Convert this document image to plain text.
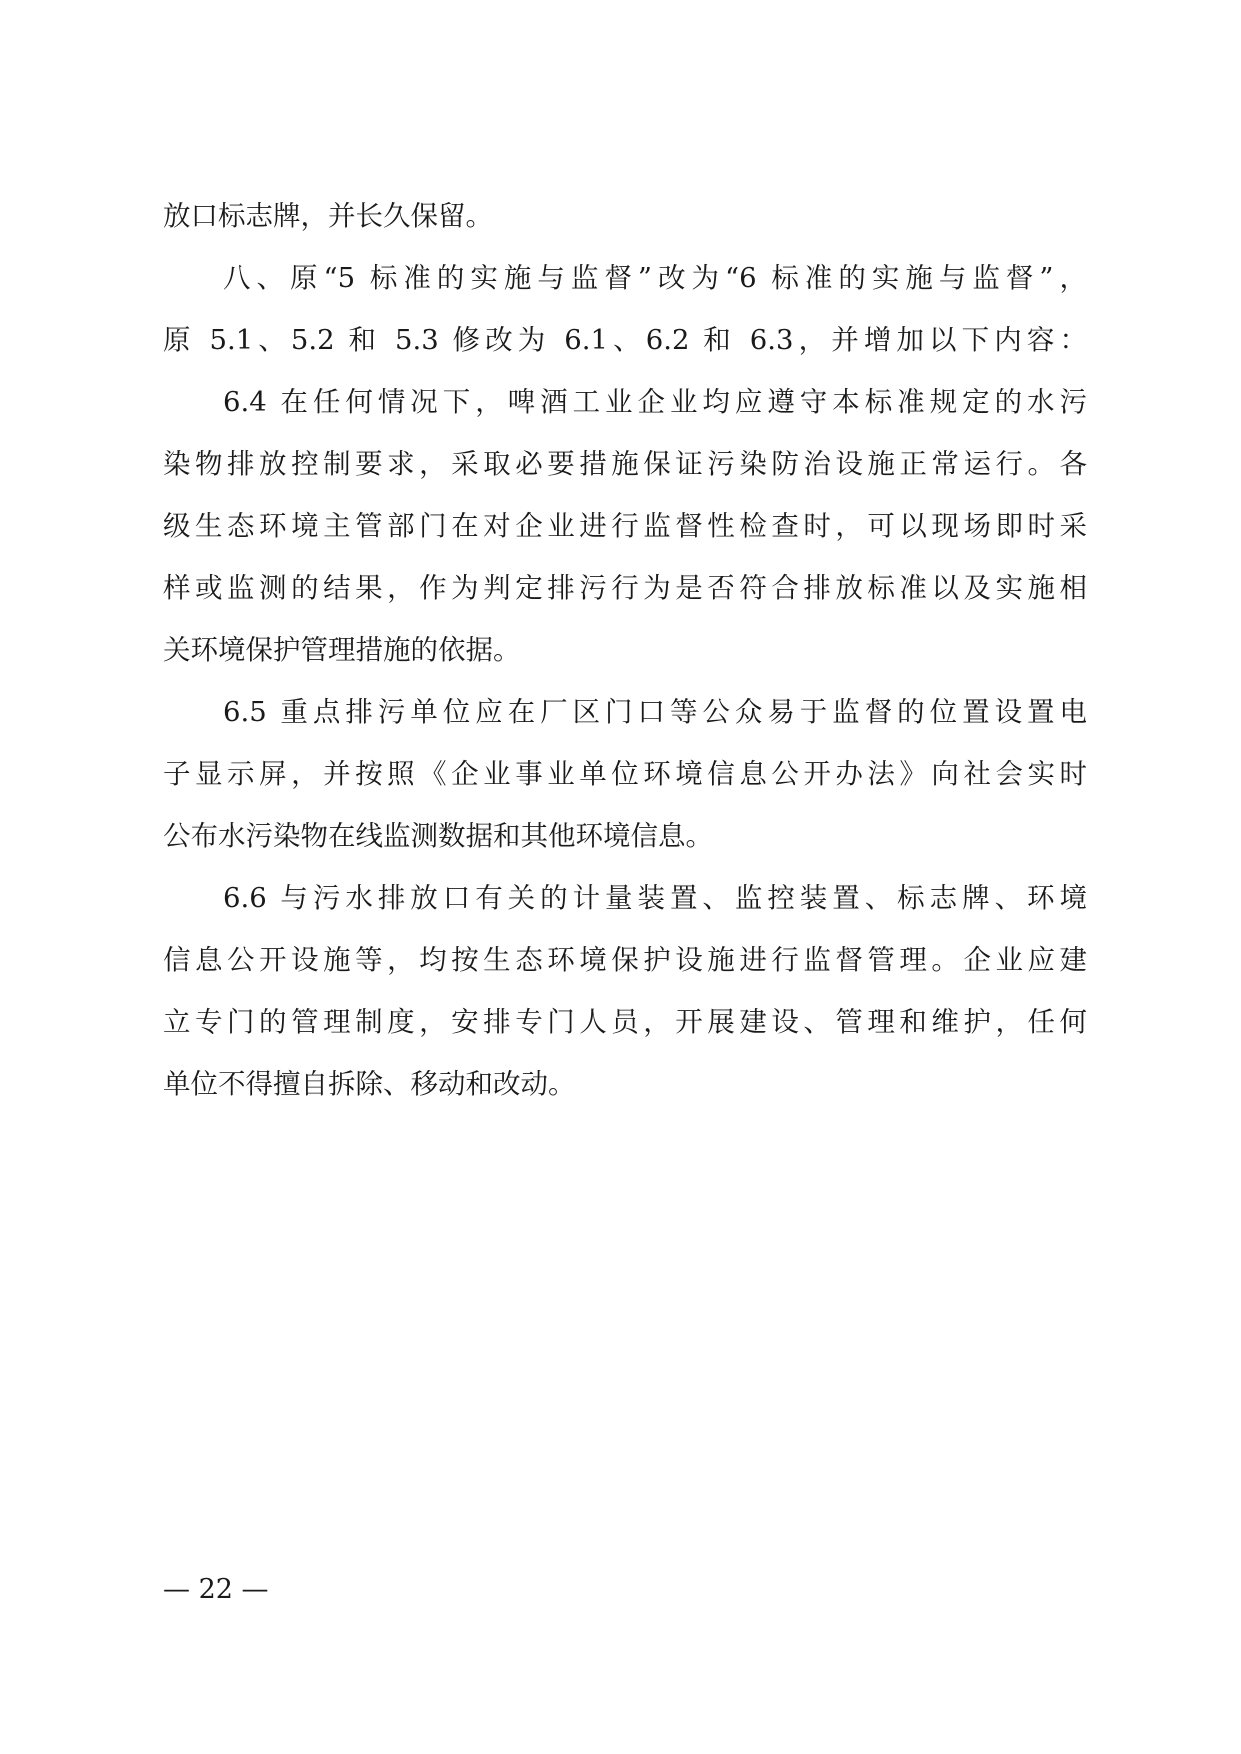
放口标志牌，并长久保留。
八、原“5 标准的实施与监督”改为“6 标准的实施与监督”，
原 5.1、5.2 和 5.3 修改为 6.1、6.2 和 6.3，并增加以下内容：
6.4 在任何情况下，啤酒工业企业均应遵守本标准规定的水污
染物排放控制要求，采取必要措施保证污染防治设施正常运行。各
级生态环境主管部门在对企业进行监督性检查时，可以现场即时采
样或监测的结果，作为判定排污行为是否符合排放标准以及实施相
关环境保护管理措施的依据。
6.5 重点排污单位应在厂区门口等公众易于监督的位置设置电
子显示屏，并按照《企业事业单位环境信息公开办法》向社会实时
公布水污染物在线监测数据和其他环境信息。
6.6 与污水排放口有关的计量装置、监控装置、标志牌、环境
信息公开设施等，均按生态环境保护设施进行监督管理。企业应建
立专门的管理制度，安排专门人员，开展建设、管理和维护，任何
单位不得擅自拆除、移动和改动。
— 22 —
